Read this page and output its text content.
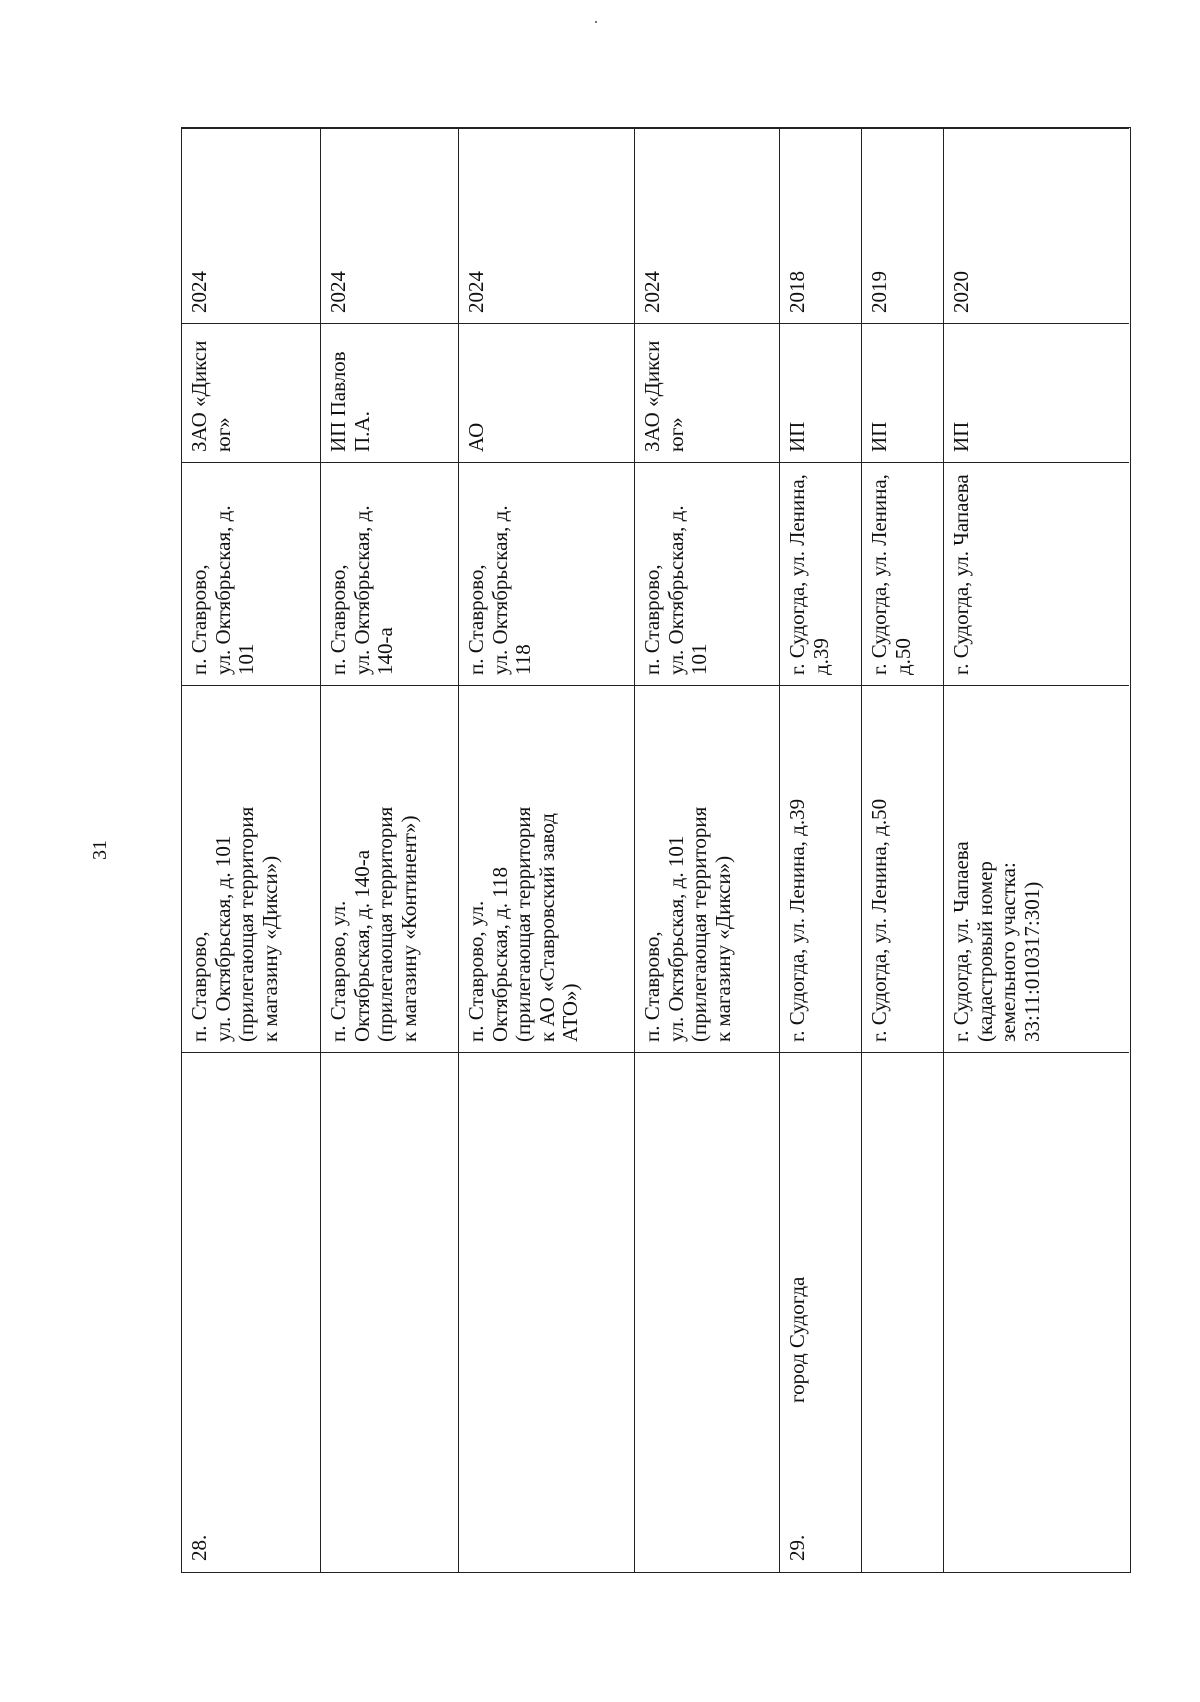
31
28.
п. Ставрово,
ул. Октябрьская, д. 101
(прилегающая территория
к магазину «Дикси»)
п. Ставрово,
ул. Октябрьская, д. 101
ЗАО «Дикси юг»
2024
п. Ставрово, ул.
Октябрьская, д. 140-а
(прилегающая территория
к магазину «Континент»)
п. Ставрово,
ул. Октябрьская, д. 140-а
ИП Павлов П.А.
2024
п. Ставрово, ул.
Октябрьская, д. 118
(прилегающая территория
к АО «Ставровский завод
АТО»)
п. Ставрово,
ул. Октябрьская, д. 118
АО
2024
п. Ставрово,
ул. Октябрьская, д. 101
(прилегающая территория
к магазину «Дикси»)
п. Ставрово,
ул. Октябрьская, д. 101
ЗАО «Дикси юг»
2024
29.
город Судогда
г. Судогда, ул. Ленина, д.39
г. Судогда, ул. Ленина,
д.39
ИП
2018
г. Судогда, ул. Ленина, д.50
г. Судогда, ул. Ленина,
д.50
ИП
2019
г. Судогда, ул. Чапаева
(кадастровый номер
земельного участка:
33:11:010317:301)
г. Судогда, ул. Чапаева
ИП
2020
